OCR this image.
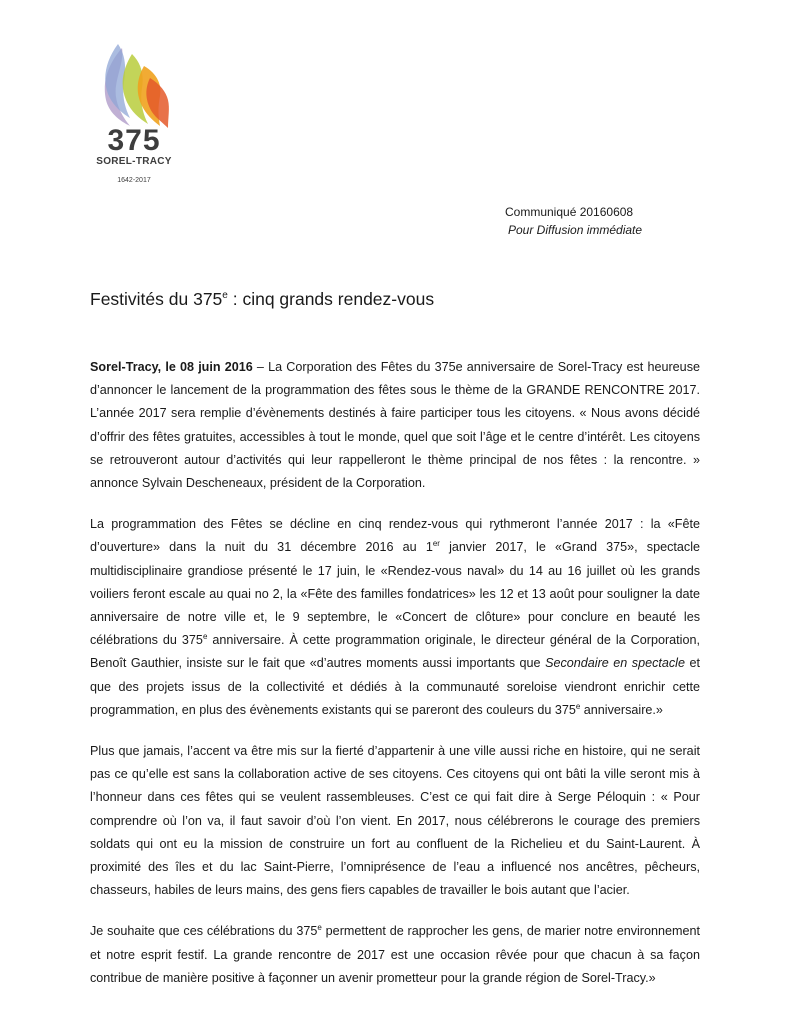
375
SOREL-TRACY
1642-2017
Communiqué 20160608
Pour Diffusion immédiate
Festivités du 375e : cinq grands rendez-vous

Sorel-Tracy, le 08 juin 2016 – La Corporation des Fêtes du 375e anniversaire de Sorel-Tracy est heureuse d’annoncer le lancement de la programmation des fêtes sous le thème de la GRANDE RENCONTRE 2017. L’année 2017 sera remplie d’évènements destinés à faire participer tous les citoyens. « Nous avons décidé d’offrir des fêtes gratuites, accessibles à tout le monde, quel que soit l’âge et le centre d’intérêt. Les citoyens se retrouveront autour d’activités qui leur rappelleront le thème principal de nos fêtes : la rencontre. » annonce Sylvain Descheneaux, président de la Corporation.

La programmation des Fêtes se décline en cinq rendez-vous qui rythmeront l’année 2017 : la «Fête d’ouverture» dans la nuit du 31 décembre 2016 au 1er janvier 2017, le «Grand 375», spectacle multidisciplinaire grandiose présenté le 17 juin, le «Rendez-vous naval» du 14 au 16 juillet où les grands voiliers feront escale au quai no 2, la «Fête des familles fondatrices» les 12 et 13 août pour souligner la date anniversaire de notre ville et, le 9 septembre, le «Concert de clôture» pour conclure en beauté les célébrations du 375e anniversaire. À cette programmation originale, le directeur général de la Corporation, Benoît Gauthier, insiste sur le fait que «d’autres moments aussi importants que Secondaire en spectacle et que des projets issus de la collectivité et dédiés à la communauté soreloise viendront enrichir cette programmation, en plus des évènements existants qui se pareront des couleurs du 375e anniversaire.»

Plus que jamais, l’accent va être mis sur la fierté d’appartenir à une ville aussi riche en histoire, qui ne serait pas ce qu’elle est sans la collaboration active de ses citoyens. Ces citoyens qui ont bâti la ville seront mis à l’honneur dans ces fêtes qui se veulent rassembleuses. C’est ce qui fait dire à Serge Péloquin : « Pour comprendre où l’on va, il faut savoir d’où l’on vient. En 2017, nous célébrerons le courage des premiers soldats qui ont eu la mission de construire un fort au confluent de la Richelieu et du Saint-Laurent. À proximité des îles et du lac Saint-Pierre, l’omniprésence de l’eau a influencé nos ancêtres, pêcheurs, chasseurs, habiles de leurs mains, des gens fiers capables de travailler le bois autant que l’acier.

Je souhaite que ces célébrations du 375e permettent de rapprocher les gens, de marier notre environnement et notre esprit festif. La grande rencontre de 2017 est une occasion rêvée pour que chacun à sa façon contribue de manière positive à façonner un avenir prometteur pour la grande région de Sorel-Tracy.»
